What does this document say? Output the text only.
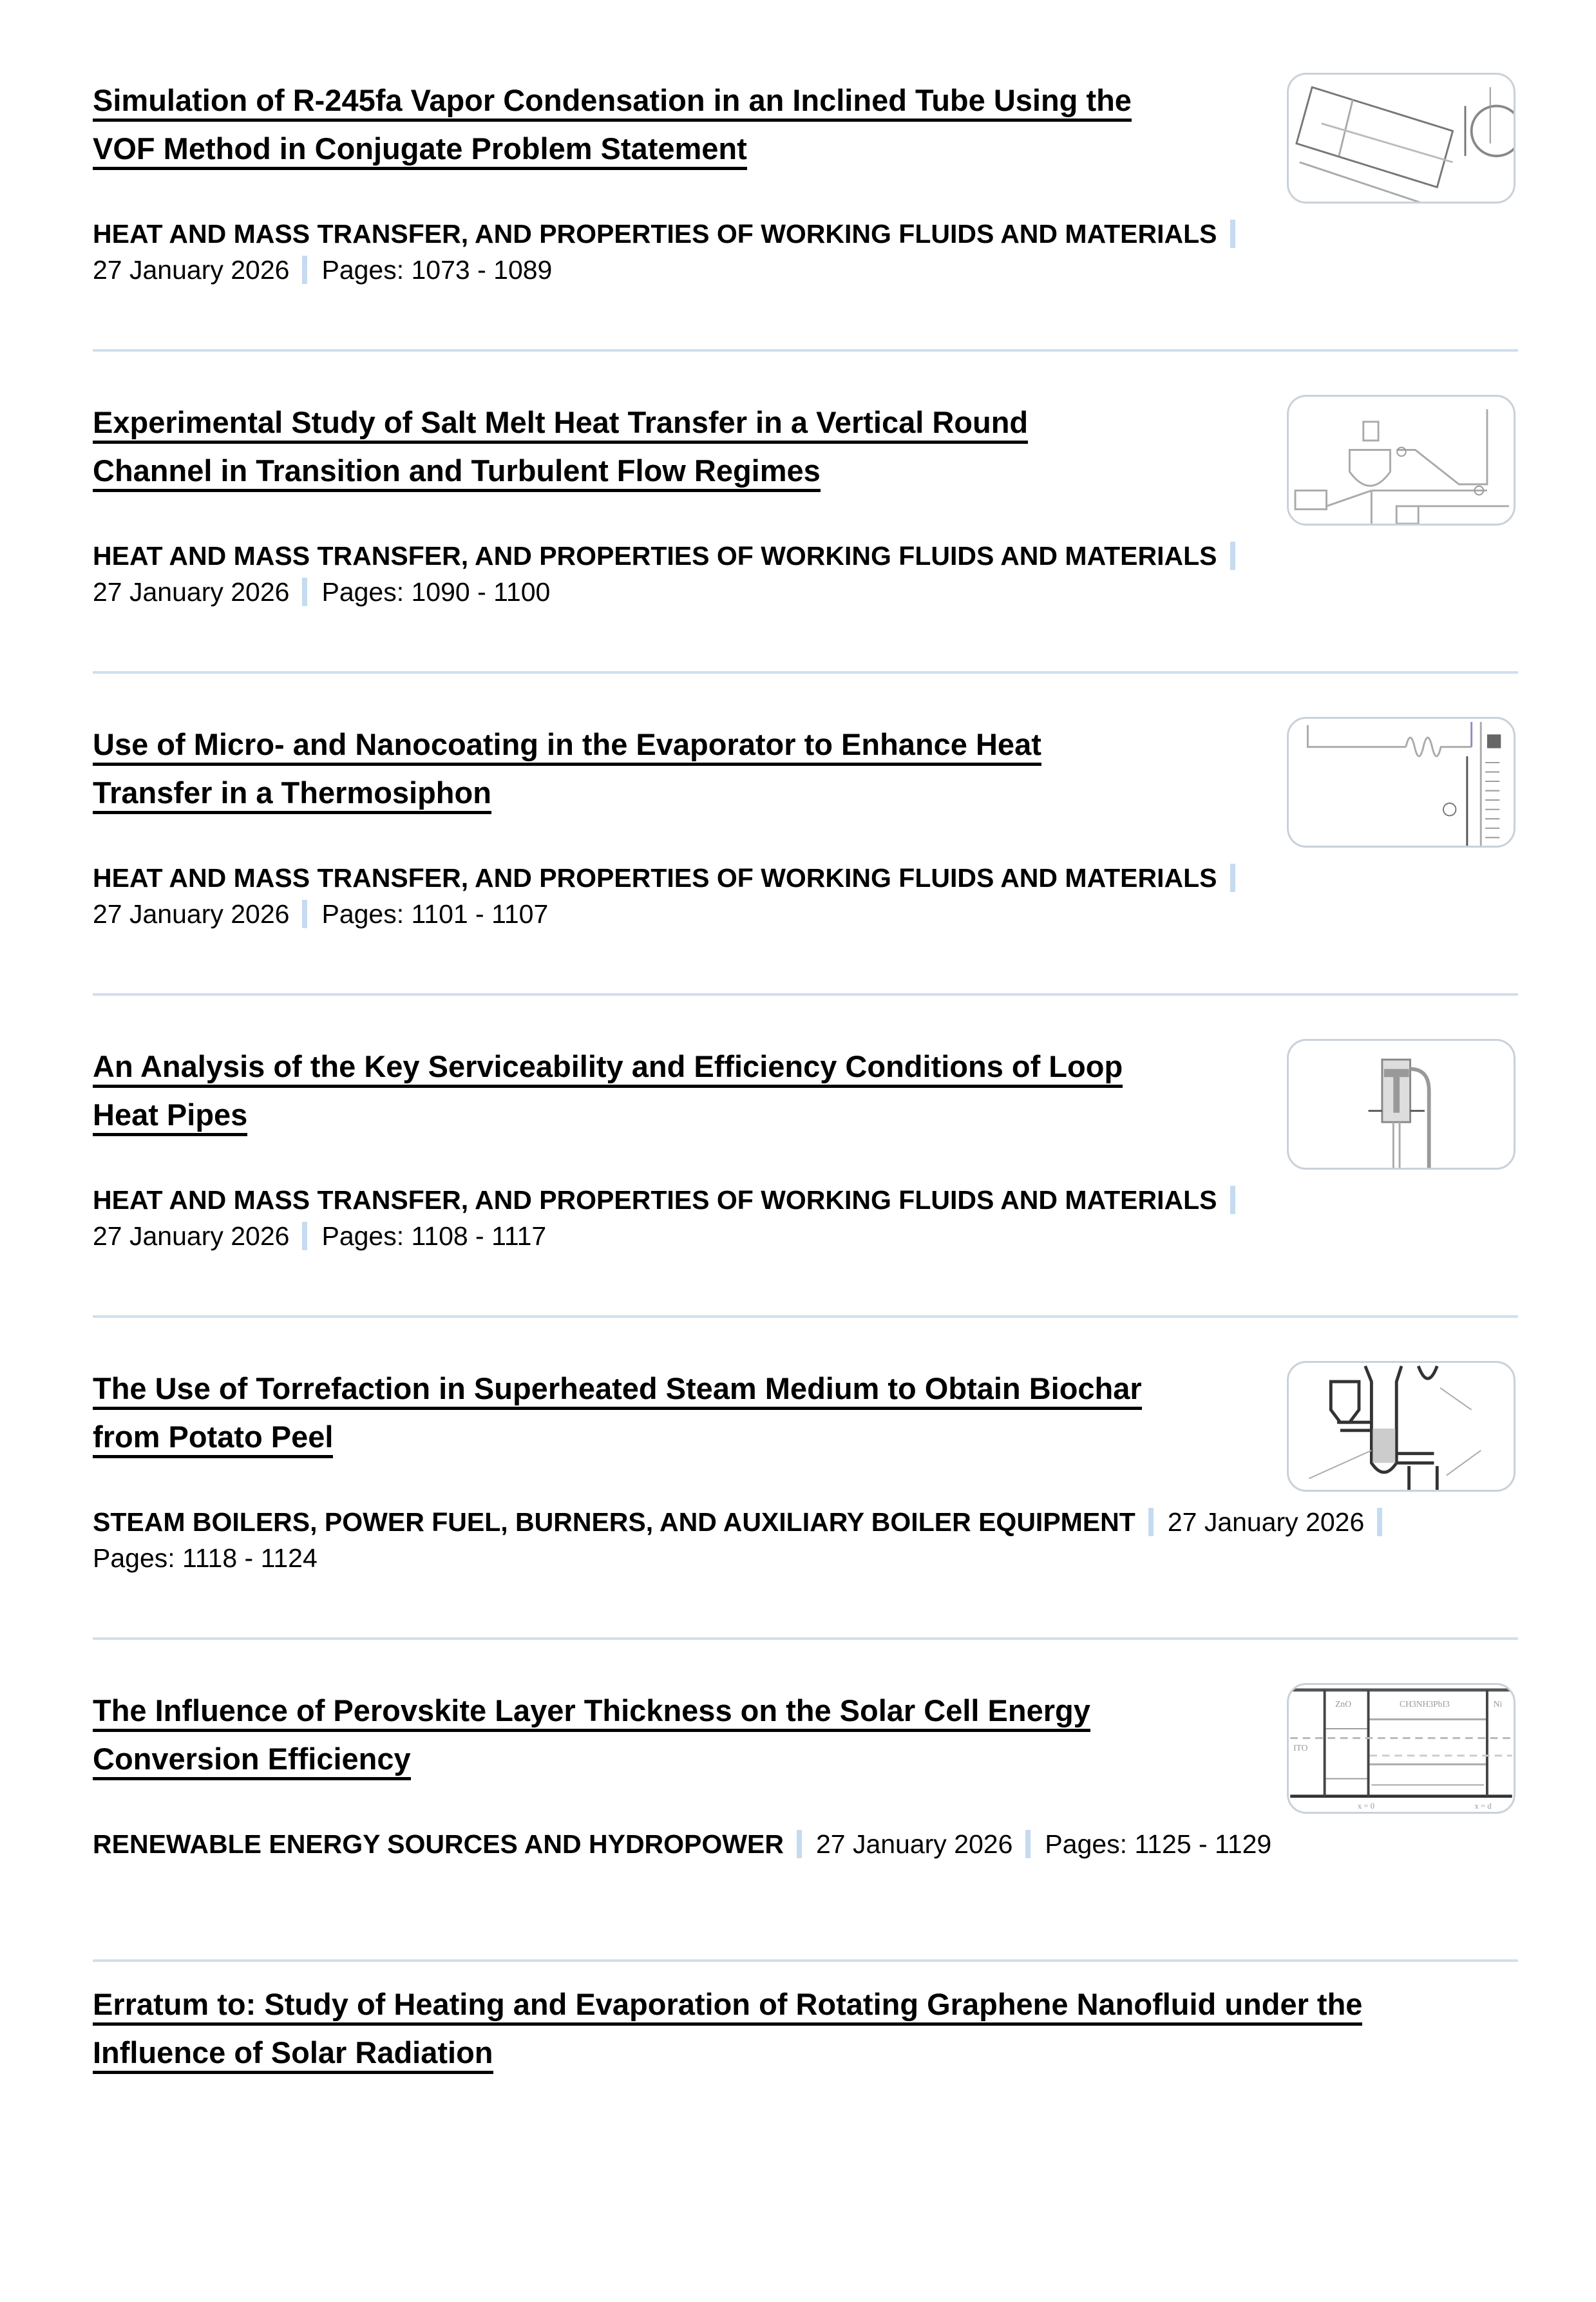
Simulation of R-245fa Vapor Condensation in an Inclined Tube Using the
VOF Method in Conjugate Problem Statement
HEAT AND MASS TRANSFER, AND PROPERTIES OF WORKING FLUIDS AND MATERIALS
27 January 2026 Pages: 1073 - 1089
Experimental Study of Salt Melt Heat Transfer in a Vertical Round
Channel in Transition and Turbulent Flow Regimes
HEAT AND MASS TRANSFER, AND PROPERTIES OF WORKING FLUIDS AND MATERIALS
27 January 2026 Pages: 1090 - 1100
Use of Micro- and Nanocoating in the Evaporator to Enhance Heat
Transfer in a Thermosiphon
HEAT AND MASS TRANSFER, AND PROPERTIES OF WORKING FLUIDS AND MATERIALS
27 January 2026 Pages: 1101 - 1107
An Analysis of the Key Serviceability and Efficiency Conditions of Loop
Heat Pipes
HEAT AND MASS TRANSFER, AND PROPERTIES OF WORKING FLUIDS AND MATERIALS
27 January 2026 Pages: 1108 - 1117
The Use of Torrefaction in Superheated Steam Medium to Obtain Biochar
from Potato Peel
STEAM BOILERS, POWER FUEL, BURNERS, AND AUXILIARY BOILER EQUIPMENT 27 January 2026
Pages: 1118 - 1124
The Influence of Perovskite Layer Thickness on the Solar Cell Energy
Conversion Efficiency	ITO
ZnO	CH3NH3PbI3	Ni
x = 0	x = d
RENEWABLE ENERGY SOURCES AND HYDROPOWER 27 January 2026 Pages: 1125 - 1129
Erratum to: Study of Heating and Evaporation of Rotating Graphene Nanofluid under the
Influence of Solar Radiation
